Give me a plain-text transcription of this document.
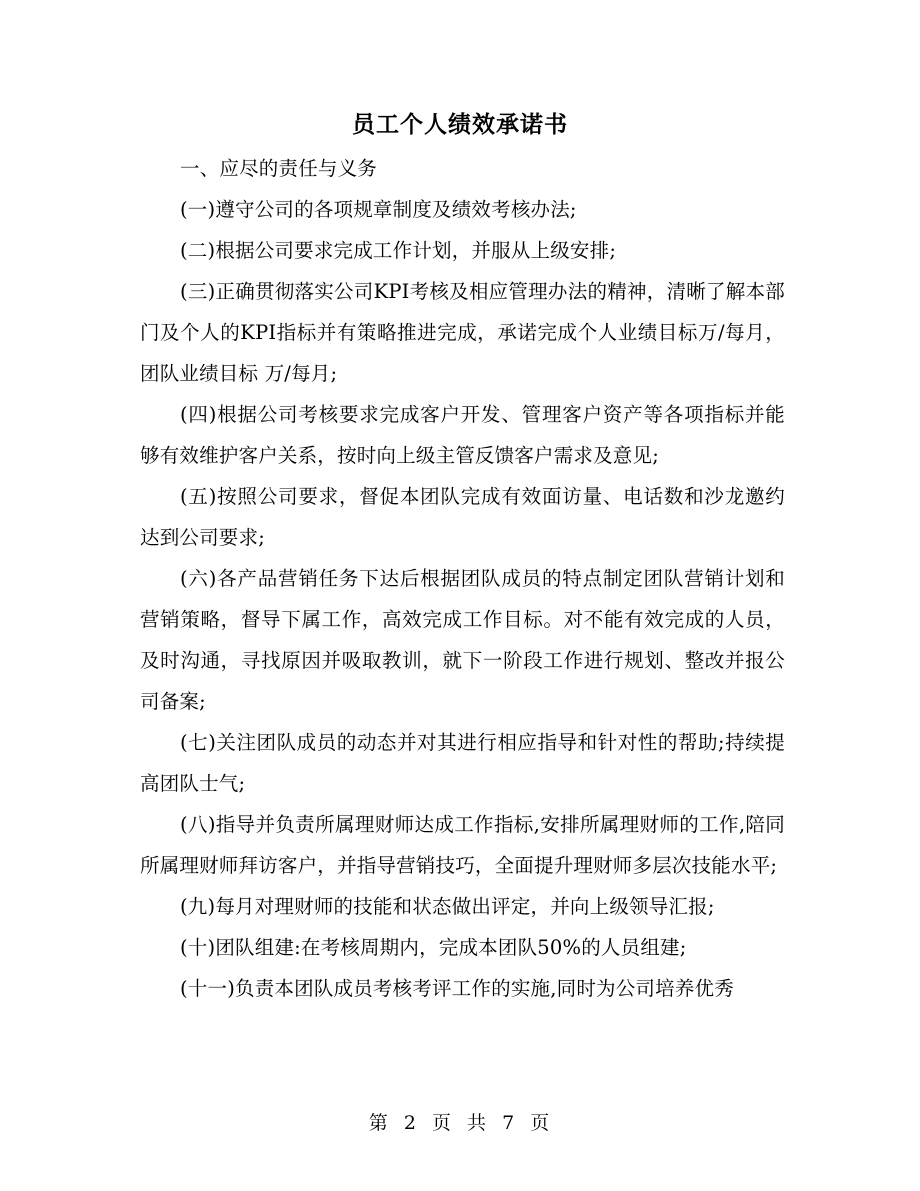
员工个人绩效承诺书

一、应尽的责任与义务

(一)遵守公司的各项规章制度及绩效考核办法;

(二)根据公司要求完成工作计划，并服从上级安排;

(三)正确贯彻落实公司KPI考核及相应管理办法的精神，清晰了解本部门及个人的KPI指标并有策略推进完成，承诺完成个人业绩目标万/每月，团队业绩目标 万/每月;

(四)根据公司考核要求完成客户开发、管理客户资产等各项指标并能够有效维护客户关系，按时向上级主管反馈客户需求及意见;

(五)按照公司要求，督促本团队完成有效面访量、电话数和沙龙邀约达到公司要求;

(六)各产品营销任务下达后根据团队成员的特点制定团队营销计划和营销策略，督导下属工作，高效完成工作目标。对不能有效完成的人员，及时沟通，寻找原因并吸取教训，就下一阶段工作进行规划、整改并报公司备案;

(七)关注团队成员的动态并对其进行相应指导和针对性的帮助;持续提高团队士气;

(八)指导并负责所属理财师达成工作指标,安排所属理财师的工作,陪同所属理财师拜访客户，并指导营销技巧，全面提升理财师多层次技能水平;

(九)每月对理财师的技能和状态做出评定，并向上级领导汇报;

(十)团队组建:在考核周期内，完成本团队50%的人员组建;

(十一)负责本团队成员考核考评工作的实施,同时为公司培养优秀

第 2 页 共 7 页
